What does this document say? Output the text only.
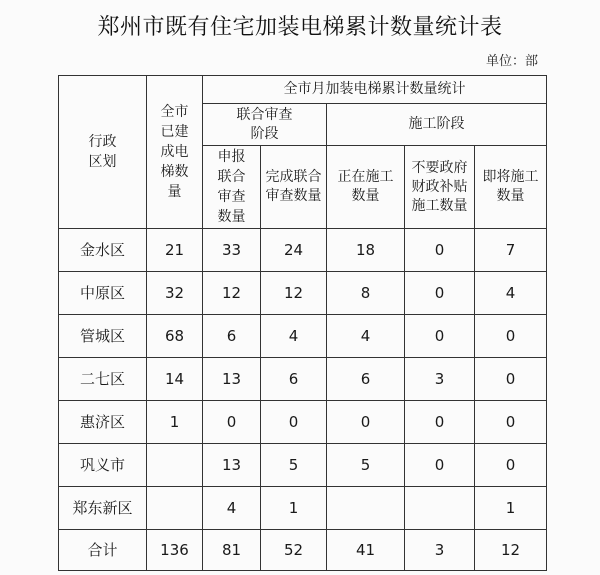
郑州市既有住宅加装电梯累计数量统计表
单位：部
行政区划	全市已建成电梯数量	全市月加装电梯累计数量统计				
		联合审查阶段		施工阶段		
		申报联合审查数量	完成联合审查数量	正在施工数量	不要政府财政补贴施工数量	即将施工数量
金水区	21	33	24	18	0	7
中原区	32	12	12	8	0	4
管城区	68	6	4	4	0	0
二七区	14	13	6	6	3	0
惠济区	1	0	0	0	0	0
巩义市		13	5	5	0	0
郑东新区		4	1			1
合计	136	81	52	41	3	12
